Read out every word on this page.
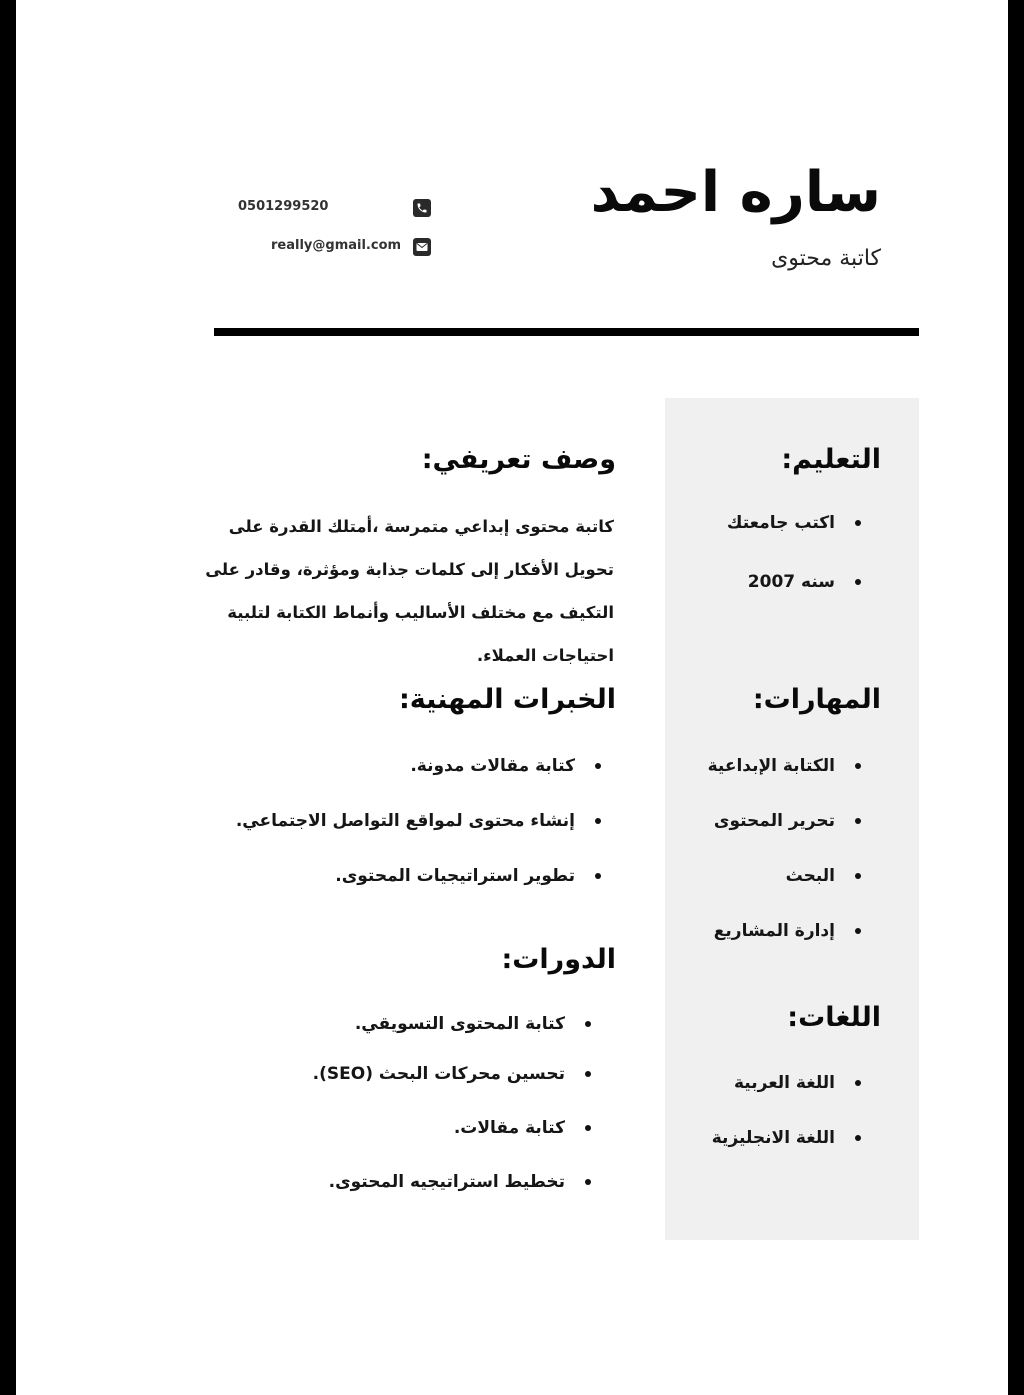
ساره احمد
كاتبة محتوى
0501299520
really@gmail.com
التعليم:
اكتب جامعتك
سنه 2007
المهارات:
الكتابة الإبداعية
تحرير المحتوى
البحث
إدارة المشاريع
اللغات:
اللغة العربية
اللغة الانجليزية
وصف تعريفي:
كاتبة محتوى إبداعي متمرسة ،أمتلك القدرة على تحويل الأفكار إلى كلمات جذابة ومؤثرة، وقادر على التكيف مع مختلف الأساليب وأنماط الكتابة لتلبية احتياجات العملاء.
الخبرات المهنية:
كتابة مقالات مدونة.
إنشاء محتوى لمواقع التواصل الاجتماعي.
تطوير استراتيجيات المحتوى.
الدورات:
كتابة المحتوى التسويقي.
تحسين محركات البحث (SEO).
كتابة مقالات.
تخطيط استراتيجيه المحتوى.
